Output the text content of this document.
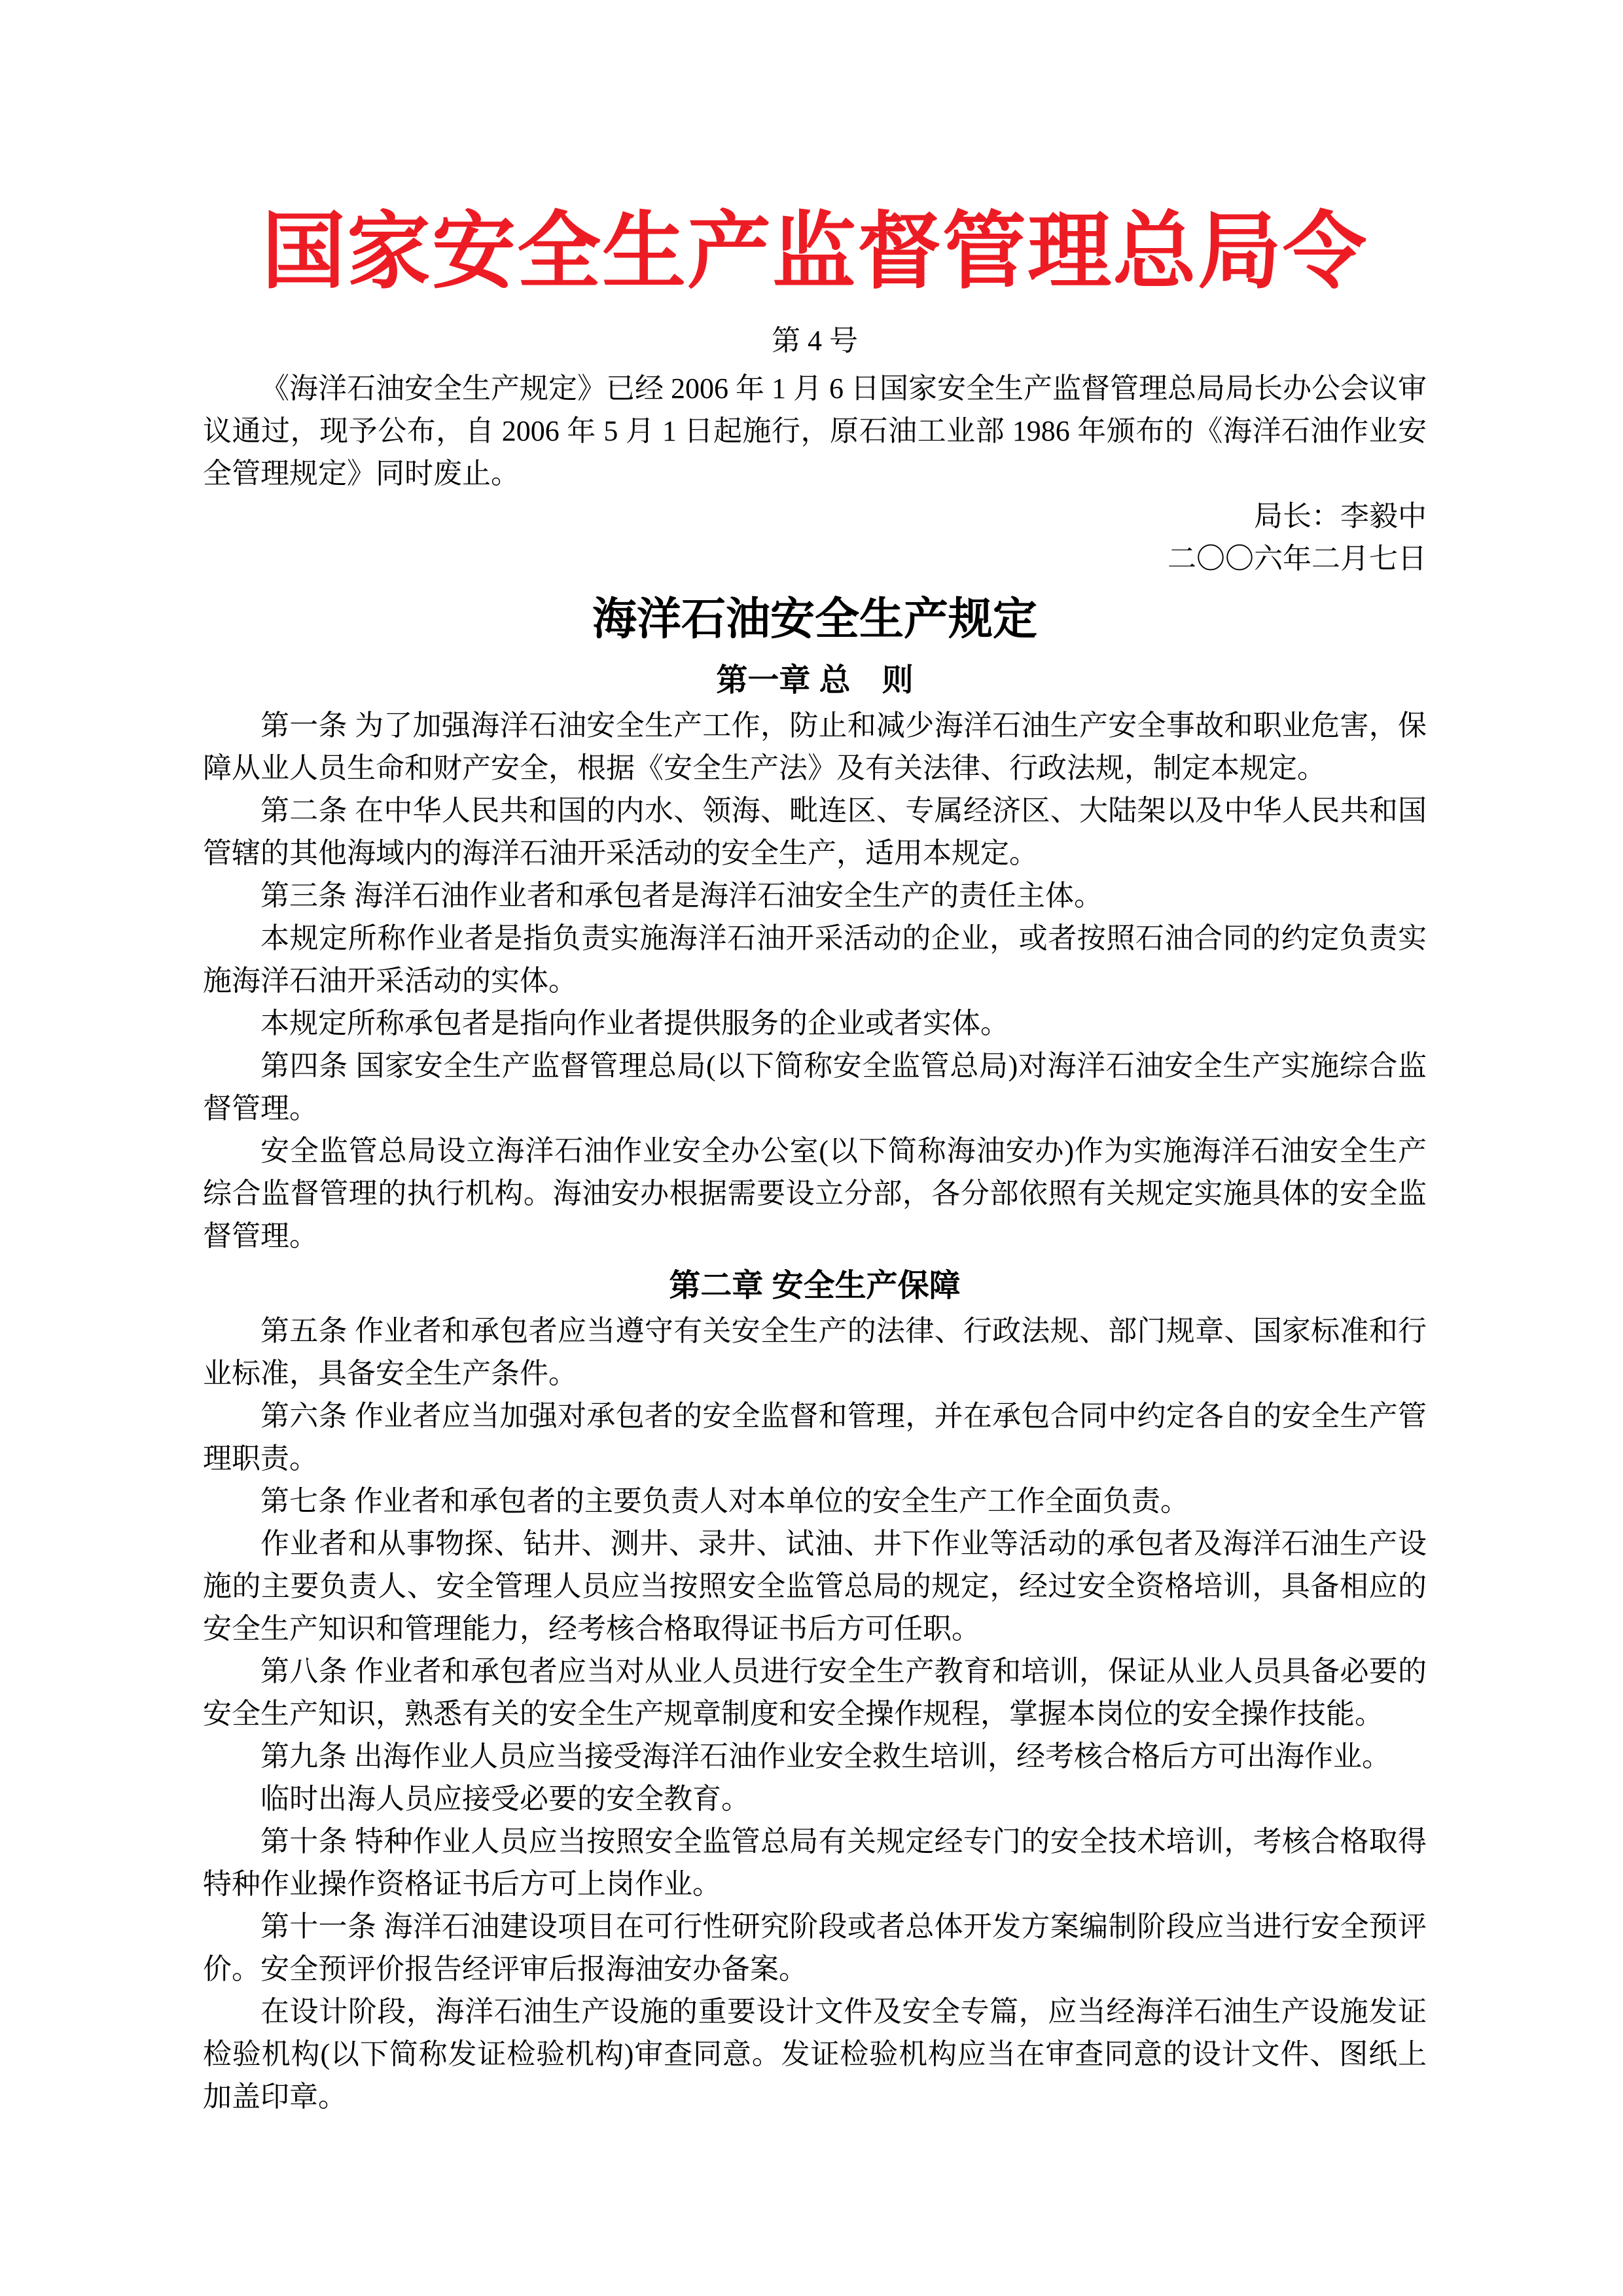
国家安全生产监督管理总局令
第 4 号

《海洋石油安全生产规定》已经 2006 年 1 月 6 日国家安全生产监督管理总局局长办公会议审议通过，现予公布，自 2006 年 5 月 1 日起施行，原石油工业部 1986 年颁布的《海洋石油作业安全管理规定》同时废止。

局长：李毅中

二〇〇六年二月七日

海洋石油安全生产规定
第一章 总　则

第一条 为了加强海洋石油安全生产工作，防止和减少海洋石油生产安全事故和职业危害，保障从业人员生命和财产安全，根据《安全生产法》及有关法律、行政法规，制定本规定。

第二条 在中华人民共和国的内水、领海、毗连区、专属经济区、大陆架以及中华人民共和国管辖的其他海域内的海洋石油开采活动的安全生产，适用本规定。

第三条 海洋石油作业者和承包者是海洋石油安全生产的责任主体。

本规定所称作业者是指负责实施海洋石油开采活动的企业，或者按照石油合同的约定负责实施海洋石油开采活动的实体。

本规定所称承包者是指向作业者提供服务的企业或者实体。

第四条 国家安全生产监督管理总局(以下简称安全监管总局)对海洋石油安全生产实施综合监督管理。

安全监管总局设立海洋石油作业安全办公室(以下简称海油安办)作为实施海洋石油安全生产综合监督管理的执行机构。海油安办根据需要设立分部，各分部依照有关规定实施具体的安全监督管理。

第二章 安全生产保障

第五条 作业者和承包者应当遵守有关安全生产的法律、行政法规、部门规章、国家标准和行业标准，具备安全生产条件。

第六条 作业者应当加强对承包者的安全监督和管理，并在承包合同中约定各自的安全生产管理职责。

第七条 作业者和承包者的主要负责人对本单位的安全生产工作全面负责。

作业者和从事物探、钻井、测井、录井、试油、井下作业等活动的承包者及海洋石油生产设施的主要负责人、安全管理人员应当按照安全监管总局的规定，经过安全资格培训，具备相应的安全生产知识和管理能力，经考核合格取得证书后方可任职。

第八条 作业者和承包者应当对从业人员进行安全生产教育和培训，保证从业人员具备必要的安全生产知识，熟悉有关的安全生产规章制度和安全操作规程，掌握本岗位的安全操作技能。

第九条 出海作业人员应当接受海洋石油作业安全救生培训，经考核合格后方可出海作业。

临时出海人员应接受必要的安全教育。

第十条 特种作业人员应当按照安全监管总局有关规定经专门的安全技术培训，考核合格取得特种作业操作资格证书后方可上岗作业。

第十一条 海洋石油建设项目在可行性研究阶段或者总体开发方案编制阶段应当进行安全预评价。安全预评价报告经评审后报海油安办备案。

在设计阶段，海洋石油生产设施的重要设计文件及安全专篇，应当经海洋石油生产设施发证检验机构(以下简称发证检验机构)审查同意。发证检验机构应当在审查同意的设计文件、图纸上加盖印章。
